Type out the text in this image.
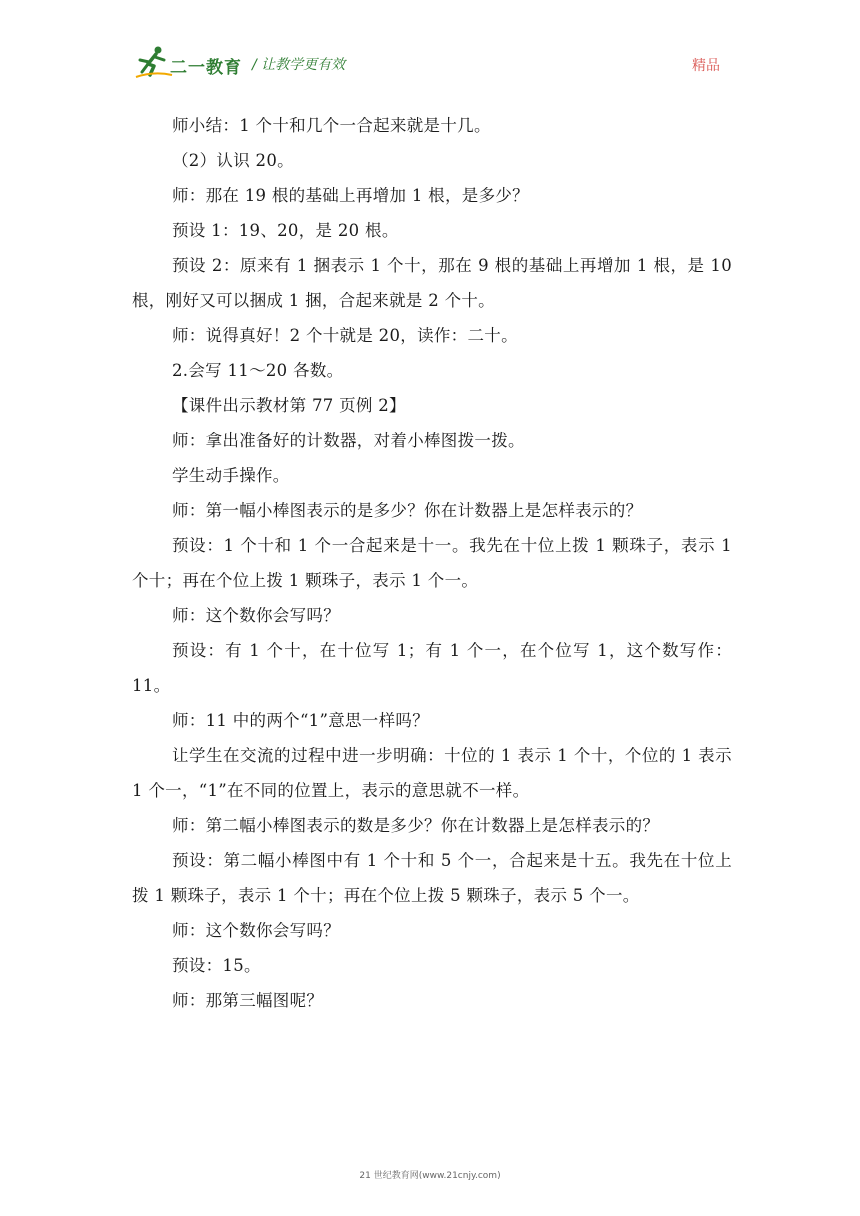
二一教育 / 让教学更有效	精品

师小结：1 个十和几个一合起来就是十几。

（2）认识 20。

师：那在 19 根的基础上再增加 1 根，是多少？

预设 1：19、20，是 20 根。

预设 2：原来有 1 捆表示 1 个十，那在 9 根的基础上再增加 1 根，是 10 根，刚好又可以捆成 1 捆，合起来就是 2 个十。

师：说得真好！2 个十就是 20，读作：二十。

2.会写 11～20 各数。

【课件出示教材第 77 页例 2】

师：拿出准备好的计数器，对着小棒图拨一拨。

学生动手操作。

师：第一幅小棒图表示的是多少？你在计数器上是怎样表示的？

预设：1 个十和 1 个一合起来是十一。我先在十位上拨 1 颗珠子，表示 1 个十；再在个位上拨 1 颗珠子，表示 1 个一。

师：这个数你会写吗？

预设：有 1 个十，在十位写 1；有 1 个一，在个位写 1，这个数写作：11。

师：11 中的两个“1”意思一样吗？

让学生在交流的过程中进一步明确：十位的 1 表示 1 个十，个位的 1 表示 1 个一，“1”在不同的位置上，表示的意思就不一样。

师：第二幅小棒图表示的数是多少？你在计数器上是怎样表示的？

预设：第二幅小棒图中有 1 个十和 5 个一，合起来是十五。我先在十位上拨 1 颗珠子，表示 1 个十；再在个位上拨 5 颗珠子，表示 5 个一。

师：这个数你会写吗？

预设：15。

师：那第三幅图呢？

21 世纪教育网(www.21cnjy.com)
